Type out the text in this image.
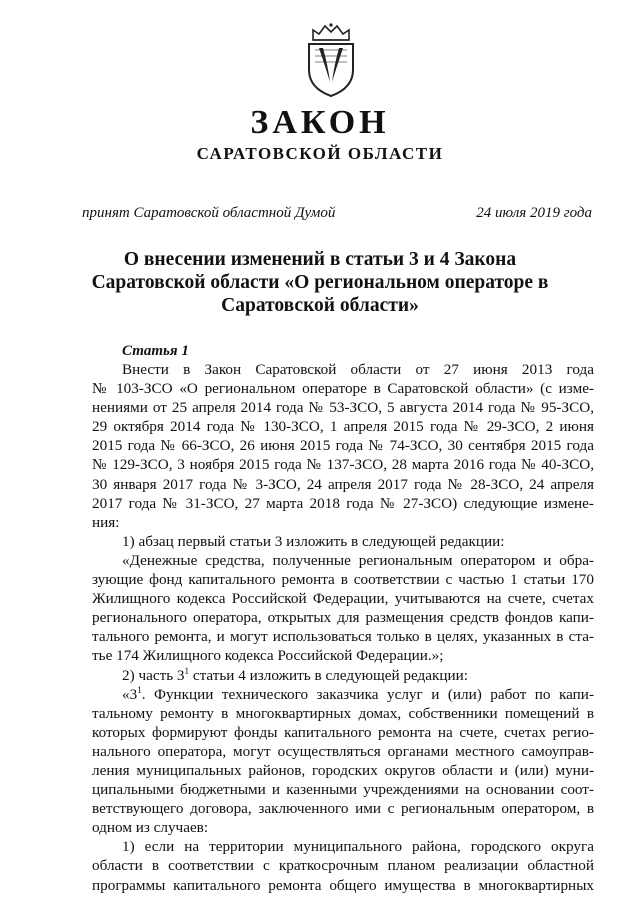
ЗАКОН
САРАТОВСКОЙ ОБЛАСТИ
принят Саратовской областной Думой	24 июля 2019 года
О внесении изменений в статьи 3 и 4 Закона
Саратовской области «О региональном операторе в
Саратовской области»
Статья 1

Внести в Закон Саратовской области от 27 июня 2013 года

№ 103-ЗСО «О региональном операторе в Саратовской области» (с изме-

нениями от 25 апреля 2014 года № 53-ЗСО, 5 августа 2014 года № 95-ЗСО,

29 октября 2014 года № 130-ЗСО, 1 апреля 2015 года № 29-ЗСО, 2 июня

2015 года № 66-ЗСО, 26 июня 2015 года № 74-ЗСО, 30 сентября 2015 года

№ 129-ЗСО, 3 ноября 2015 года № 137-ЗСО, 28 марта 2016 года № 40-ЗСО,

30 января 2017 года № 3-ЗСО, 24 апреля 2017 года № 28-ЗСО, 24 апреля

2017 года № 31-ЗСО, 27 марта 2018 года № 27-ЗСО) следующие измене-

ния:

1) абзац первый статьи 3 изложить в следующей редакции:

«Денежные средства, полученные региональным оператором и обра-

зующие фонд капитального ремонта в соответствии с частью 1 статьи 170

Жилищного кодекса Российской Федерации, учитываются на счете, счетах

регионального оператора, открытых для размещения средств фондов капи-

тального ремонта, и могут использоваться только в целях, указанных в ста-

тье 174 Жилищного кодекса Российской Федерации.»;

2) часть $3^1$ статьи 4 изложить в следующей редакции:

«$3^1$. Функции технического заказчика услуг и (или) работ по капи-

тальному ремонту в многоквартирных домах, собственники помещений в

которых формируют фонды капитального ремонта на счете, счетах регио-

нального оператора, могут осуществляться органами местного самоуправ-

ления муниципальных районов, городских округов области и (или) муни-

ципальными бюджетными и казенными учреждениями на основании соот-

ветствующего договора, заключенного ими с региональным оператором, в

одном из случаев:

1) если на территории муниципального района, городского округа

области в соответствии с краткосрочным планом реализации областной

программы капитального ремонта общего имущества в многоквартирных
